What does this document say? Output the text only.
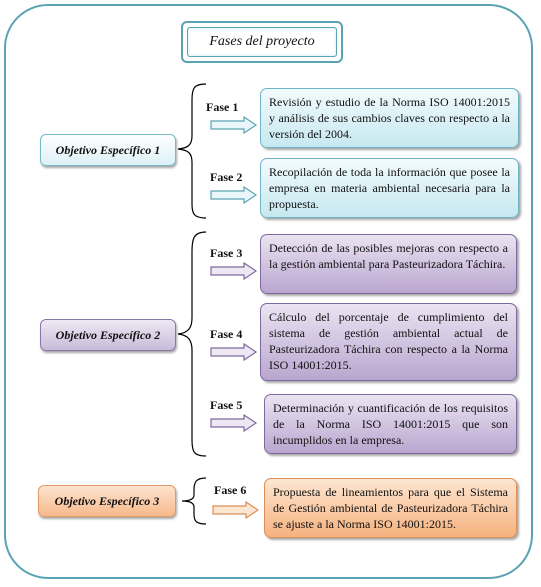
Fases del proyecto
Objetivo Específico 1
Objetivo Específico 2
Objetivo Específico 3
Fase 1
Fase 2
Fase 3
Fase 4
Fase 5
Fase 6
Revisión y estudio de la Norma ISO 14001:2015 y análisis de sus cambios claves con respecto a la versión del 2004.
Recopilación de toda la información que posee la empresa en materia ambiental necesaria para la propuesta.
Detección de las posibles mejoras con respecto a la gestión ambiental para Pasteurizadora Táchira.
Cálculo del porcentaje de cumplimiento del sistema de gestión ambiental actual de Pasteurizadora Táchira con respecto a la Norma ISO 14001:2015.
Determinación y cuantificación de los requisitos de la Norma ISO 14001:2015 que son incumplidos en la empresa.
Propuesta de lineamientos para que el Sistema de Gestión ambiental de Pasteurizadora Táchira se ajuste a la Norma ISO 14001:2015.
